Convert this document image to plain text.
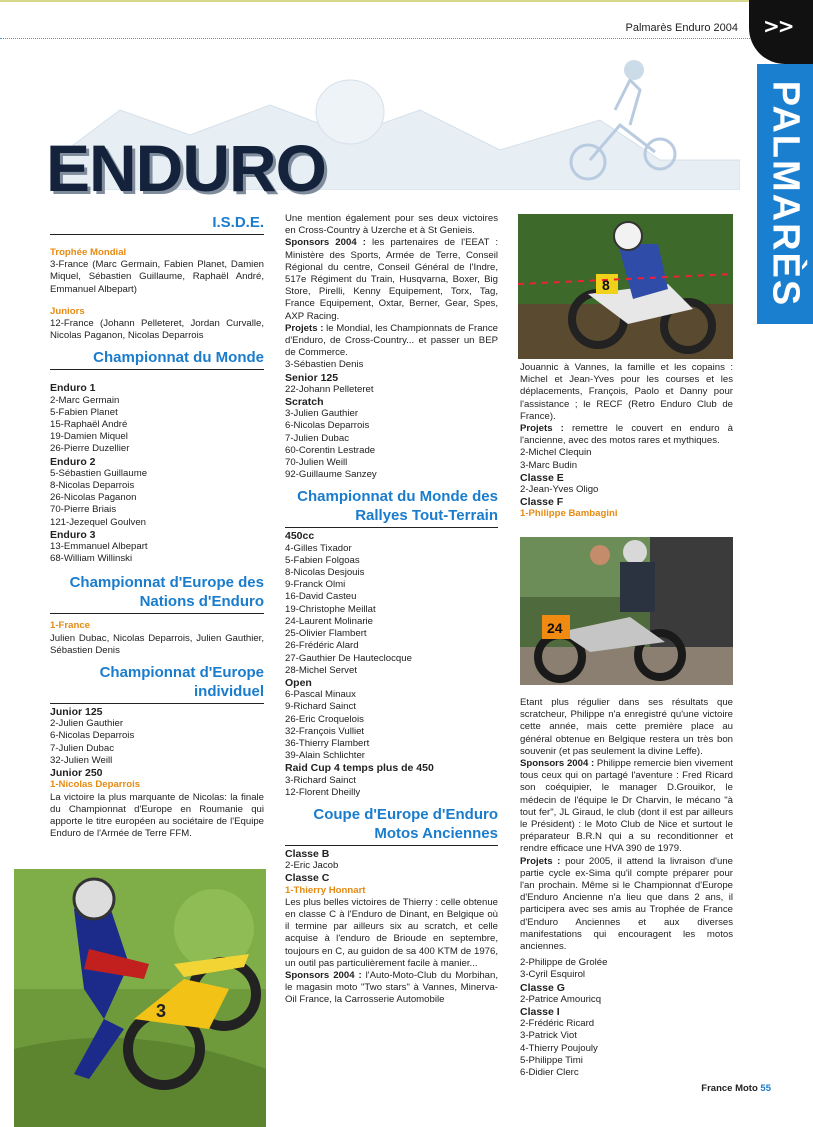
Palmarès Enduro 2004 >>
PALMARÈS
ENDURO
I.S.D.E.

Trophée Mondial

3-France (Marc Germain, Fabien Planet, Damien Miquel, Sébastien Guillaume, Raphaël André, Emmanuel Albepart)

Juniors

12-France (Johann Pelleteret, Jordan Curvalle, Nicolas Paganon, Nicolas Deparrois

Championnat du Monde

Enduro 1

2-Marc Germain

5-Fabien Planet

15-Raphaël André

19-Damien Miquel

26-Pierre Duzellier

Enduro 2

5-Sébastien Guillaume

8-Nicolas Deparrois

26-Nicolas Paganon

70-Pierre Briais

121-Jezequel Goulven

Enduro 3

13-Emmanuel Albepart

68-William Willinski

Championnat d'Europe des
Nations d'Enduro

1-France

Julien Dubac, Nicolas Deparrois, Julien Gauthier, Sébastien Denis

Championnat d'Europe
individuel

Junior 125

2-Julien Gauthier

6-Nicolas Deparrois

7-Julien Dubac

32-Julien Weill

Junior 250

1-Nicolas Deparrois

La victoire la plus marquante de Nicolas: la finale du Championnat d'Europe en Roumanie qui apporte le titre européen au sociétaire de l'Equipe Enduro de l'Armée de Terre FFM.

3

Une mention également pour ses deux victoires en Cross-Country à Uzerche et à St Genieis.

Sponsors 2004 : les partenaires de l'EEAT : Ministère des Sports, Armée de Terre, Conseil Régional du centre, Conseil Général de l'Indre, 517e Régiment du Train, Husqvarna, Boxer, Big Store, Pirelli, Kenny Equipement, Torx, Tag, France Equipement, Oxtar, Berner, Gear, Spes, AXP Racing.

Projets : le Mondial, les Championnats de France d'Enduro, de Cross-Country... et passer un BEP de Commerce.

3-Sébastien Denis

Senior 125

22-Johann Pelleteret

Scratch

3-Julien Gauthier

6-Nicolas Deparrois

7-Julien Dubac

60-Corentin Lestrade

70-Julien Weill

92-Guillaume Sanzey

Championnat du Monde des
Rallyes Tout-Terrain

450cc

4-Gilles Tixador

5-Fabien Folgoas

8-Nicolas Desjouis

9-Franck Olmi

16-David Casteu

19-Christophe Meillat

24-Laurent Molinarie

25-Olivier Flambert

26-Frédéric Alard

27-Gauthier De Hauteclocque

28-Michel Servet

Open

6-Pascal Minaux

9-Richard Sainct

26-Eric Croquelois

32-François Vulliet

36-Thierry Flambert

39-Alain Schlichter

Raid Cup 4 temps plus de 450

3-Richard Sainct

12-Florent Dheilly

Coupe d'Europe d'Enduro
Motos Anciennes

Classe B

2-Eric Jacob

Classe C

1-Thierry Honnart

Les plus belles victoires de Thierry : celle obtenue en classe C à l'Enduro de Dinant, en Belgique où il termine par ailleurs six au scratch, et celle acquise à l'enduro de Brioude en septembre, toujours en C, au guidon de sa 400 KTM de 1976, un outil pas particulièrement facile à manier...

Sponsors 2004 : l'Auto-Moto-Club du Morbihan, le magasin moto "Two stars" à Vannes, Minerva-Oil France, la Carrosserie Automobile

8

Jouannic à Vannes, la famille et les copains : Michel et Jean-Yves pour les courses et les déplacements, François, Paolo et Danny pour l'assistance ; le RECF (Retro Enduro Club de France).

Projets : remettre le couvert en enduro à l'ancienne, avec des motos rares et mythiques.

2-Michel Clequin

3-Marc Budin

Classe E

2-Jean-Yves Oligo

Classe F

1-Philippe Bambagini

24

Etant plus régulier dans ses résultats que scratcheur, Philippe n'a enregistré qu'une victoire cette année, mais cette première place au général obtenue en Belgique restera un très bon souvenir (et pas seulement la divine Leffe).

Sponsors 2004 : Philippe remercie bien vivement tous ceux qui on partagé l'aventure : Fred Ricard son coéquipier, le manager D.Grouikor, le médecin de l'équipe le Dr Charvin, le mécano "à tout fer", JL Giraud, le club (dont il est par ailleurs le Président) : le Moto Club de Nice et surtout le préparateur B.R.N qui a su reconditionner et rendre efficace une HVA 390 de 1979.

Projets : pour 2005, il attend la livraison d'une partie cycle ex-Sima qu'il compte préparer pour l'an prochain. Même si le Championnat d'Europe d'Enduro Ancienne n'a lieu que dans 2 ans, il participera avec ses amis au Trophée de France d'Enduro Anciennes et aux diverses manifestations qui encouragent les motos anciennes.

2-Philippe de Grolée

3-Cyril Esquirol

Classe G

2-Patrice Amouricq

Classe I

2-Frédéric Ricard

3-Patrick Viot

4-Thierry Poujouly

5-Philippe Timi

6-Didier Clerc

France Moto 55
